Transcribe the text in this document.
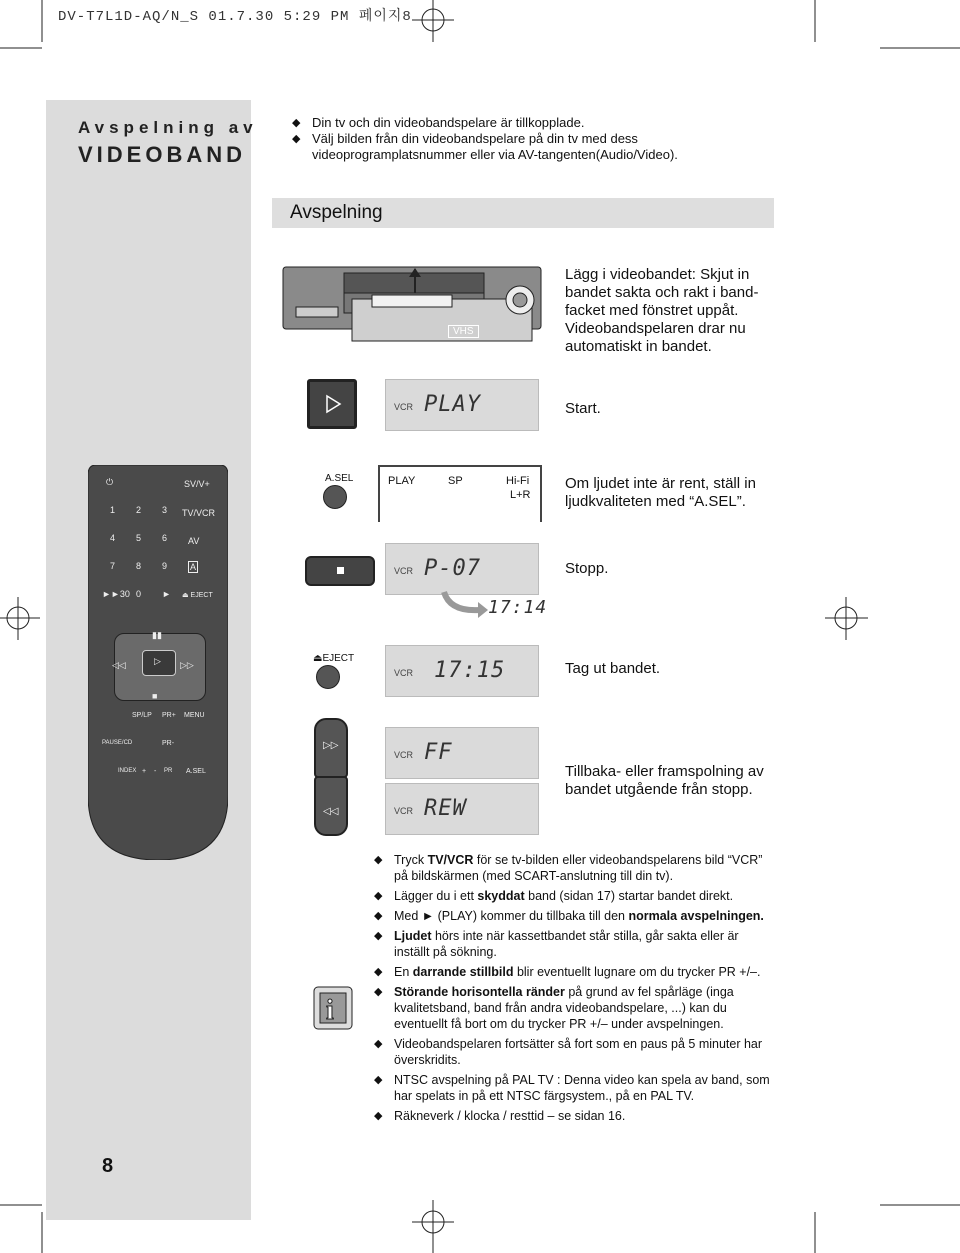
DV-T7L1D-AQ/N_S 01.7.30 5:29 PM 페이지8
Avspelning av
VIDEOBAND
◆ Din tv och din videobandspelare är tillkopplade.
◆ Välj bilden från din videobandspelare på din tv med dess
videoprogramplatsnummer eller via AV-tangenten(Audio/Video).
Avspelning
VHS
Lägg i videobandet: Skjut in
bandet sakta och rakt i band-
facket med fönstret uppåt.
Videobandspelaren drar nu
automatiskt in bandet.
VCR PLAY	Start.
A.SEL	PLAY	SP	Hi-Fi
L+R
Om ljudet inte är rent, ställ in
ljudkvaliteten med “A.SEL”.
VCR P-07
17:14
Stopp.
⏏EJECT
VCR 17:15	Tag ut bandet.
▷▷
◁◁
VCR FF
VCR REW
Tillbaka- eller framspolning av
bandet utgående från stopp.
⏻	SV/V+
1 2 3 TV/VCR
4 5 6 AV
7 8 9	A
►►30 0 ► ⏏ EJECT
▮▮
▷
◁◁	▷▷
■
SP/LP PR+ MENU
PAUSE/CD	PR-
INDEX + - PR A.SEL
i
◆ Tryck TV/VCR för se tv-bilden eller videobandspelarens bild “VCR” på bildskärmen (med SCART-anslutning till din tv).
◆ Lägger du i ett skyddat band (sidan 17) startar bandet direkt.
◆ Med ► (PLAY) kommer du tillbaka till den normala avspelningen.
◆ Ljudet hörs inte när kassettbandet står stilla, går sakta eller är inställt på sökning.
◆ En darrande stillbild blir eventuellt lugnare om du trycker PR +/–.
◆ Störande horisontella ränder på grund av fel spårläge (inga kvalitetsband, band från andra videobandspelare, ...) kan du eventuellt få bort om du trycker PR +/– under avspelningen.
◆ Videobandspelaren fortsätter så fort som en paus på 5 minuter har överskridits.
◆ NTSC avspelning på PAL TV : Denna video kan spela av band, som har spelats in på ett NTSC färgsystem., på en PAL TV.
◆ Räkneverk / klocka / resttid – se sidan 16.
8
